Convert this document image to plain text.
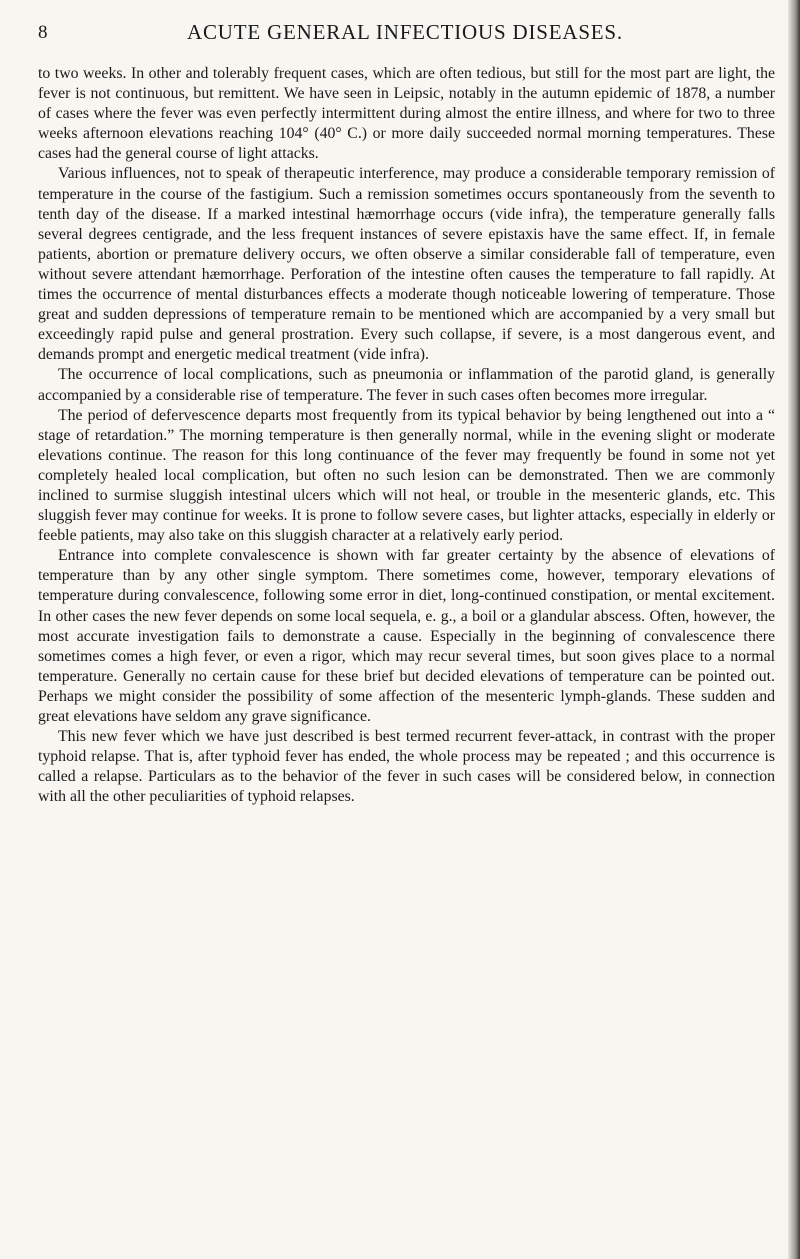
8	ACUTE GENERAL INFECTIOUS DISEASES.

to two weeks. In other and tolerably frequent cases, which are often tedious, but still for the most part are light, the fever is not continuous, but remittent. We have seen in Leipsic, notably in the autumn epidemic of 1878, a number of cases where the fever was even perfectly intermittent during almost the entire illness, and where for two to three weeks afternoon elevations reaching 104° (40° C.) or more daily succeeded normal morning temperatures. These cases had the general course of light attacks.

Various influences, not to speak of therapeutic interference, may produce a considerable temporary remission of temperature in the course of the fastigium. Such a remission sometimes occurs spontaneously from the seventh to tenth day of the disease. If a marked intestinal hæmorrhage occurs (vide infra), the temperature generally falls several degrees centigrade, and the less frequent instances of severe epistaxis have the same effect. If, in female patients, abortion or premature delivery occurs, we often observe a similar considerable fall of temperature, even without severe attendant hæmorrhage. Perforation of the intestine often causes the temperature to fall rapidly. At times the occurrence of mental disturbances effects a moderate though noticeable lowering of temperature. Those great and sudden depressions of temperature remain to be mentioned which are accompanied by a very small but exceedingly rapid pulse and general prostration. Every such collapse, if severe, is a most dangerous event, and demands prompt and energetic medical treatment (vide infra).

The occurrence of local complications, such as pneumonia or inflammation of the parotid gland, is generally accompanied by a considerable rise of temperature. The fever in such cases often becomes more irregular.

The period of defervescence departs most frequently from its typical behavior by being lengthened out into a “ stage of retardation.” The morning temperature is then generally normal, while in the evening slight or moderate elevations continue. The reason for this long continuance of the fever may frequently be found in some not yet completely healed local complication, but often no such lesion can be demonstrated. Then we are commonly inclined to surmise sluggish intestinal ulcers which will not heal, or trouble in the mesenteric glands, etc. This sluggish fever may continue for weeks. It is prone to follow severe cases, but lighter attacks, especially in elderly or feeble patients, may also take on this sluggish character at a relatively early period.

Entrance into complete convalescence is shown with far greater certainty by the absence of elevations of temperature than by any other single symptom. There sometimes come, however, temporary elevations of temperature during convalescence, following some error in diet, long-continued constipation, or mental excitement. In other cases the new fever depends on some local sequela, e. g., a boil or a glandular abscess. Often, however, the most accurate investigation fails to demonstrate a cause. Especially in the beginning of convalescence there sometimes comes a high fever, or even a rigor, which may recur several times, but soon gives place to a normal temperature. Generally no certain cause for these brief but decided elevations of temperature can be pointed out. Perhaps we might consider the possibility of some affection of the mesenteric lymph-glands. These sudden and great elevations have seldom any grave significance.

This new fever which we have just described is best termed recurrent fever-attack, in contrast with the proper typhoid relapse. That is, after typhoid fever has ended, the whole process may be repeated ; and this occurrence is called a relapse. Particulars as to the behavior of the fever in such cases will be considered below, in connection with all the other peculiarities of typhoid relapses.
